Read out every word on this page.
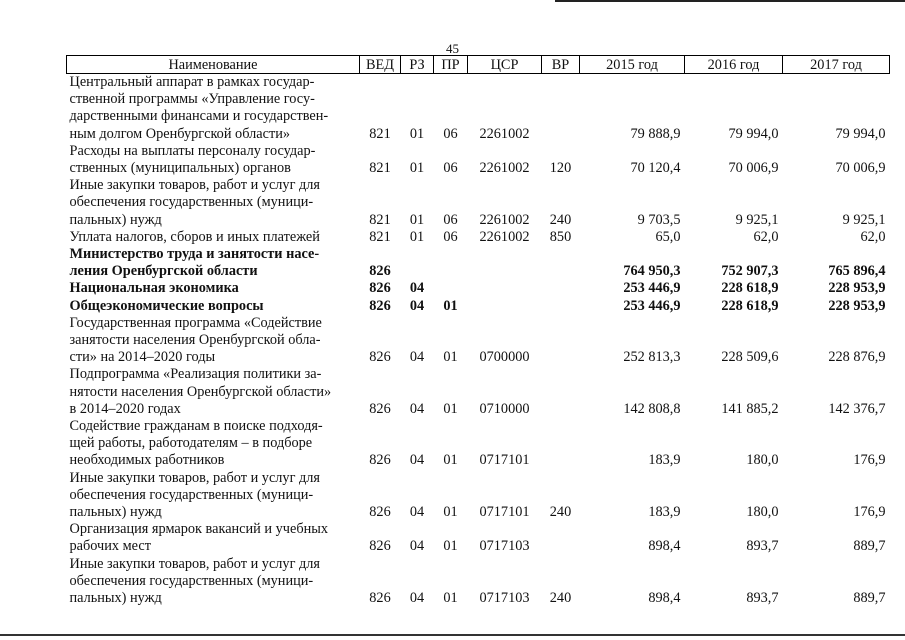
45
Наименование	ВЕД	РЗ	ПР	ЦСР	ВР	2015 год	2016 год	2017 год

Центральный аппарат в рамках государ-
ственной программы «Управление госу-
дарственными финансами и государствен-
ным долгом Оренбургской области»	821	01	06	2261002		79 888,9	79 994,0	79 994,0

Расходы на выплаты персоналу государ-
ственных (муниципальных) органов	821	01	06	2261002	120	70 120,4	70 006,9	70 006,9

Иные закупки товаров, работ и услуг для
обеспечения государственных (муници-
пальных) нужд	821	01	06	2261002	240	9 703,5	9 925,1	9 925,1

Уплата налогов, сборов и иных платежей	821	01	06	2261002	850	65,0	62,0	62,0

Министерство труда и занятости насе-
ления Оренбургской области	826					764 950,3	752 907,3	765 896,4

Национальная экономика	826	04				253 446,9	228 618,9	228 953,9

Общеэкономические вопросы	826	04	01			253 446,9	228 618,9	228 953,9

Государственная программа «Содействие
занятости населения Оренбургской обла-
сти» на 2014–2020 годы	826	04	01	0700000		252 813,3	228 509,6	228 876,9

Подпрограмма «Реализация политики за-
нятости населения Оренбургской области»
в 2014–2020 годах	826	04	01	0710000		142 808,8	141 885,2	142 376,7

Содействие гражданам в поиске подходя-
щей работы, работодателям – в подборе
необходимых работников	826	04	01	0717101		183,9	180,0	176,9

Иные закупки товаров, работ и услуг для
обеспечения государственных (муници-
пальных) нужд	826	04	01	0717101	240	183,9	180,0	176,9

Организация ярмарок вакансий и учебных
рабочих мест	826	04	01	0717103		898,4	893,7	889,7

Иные закупки товаров, работ и услуг для
обеспечения государственных (муници-
пальных) нужд	826	04	01	0717103	240	898,4	893,7	889,7
